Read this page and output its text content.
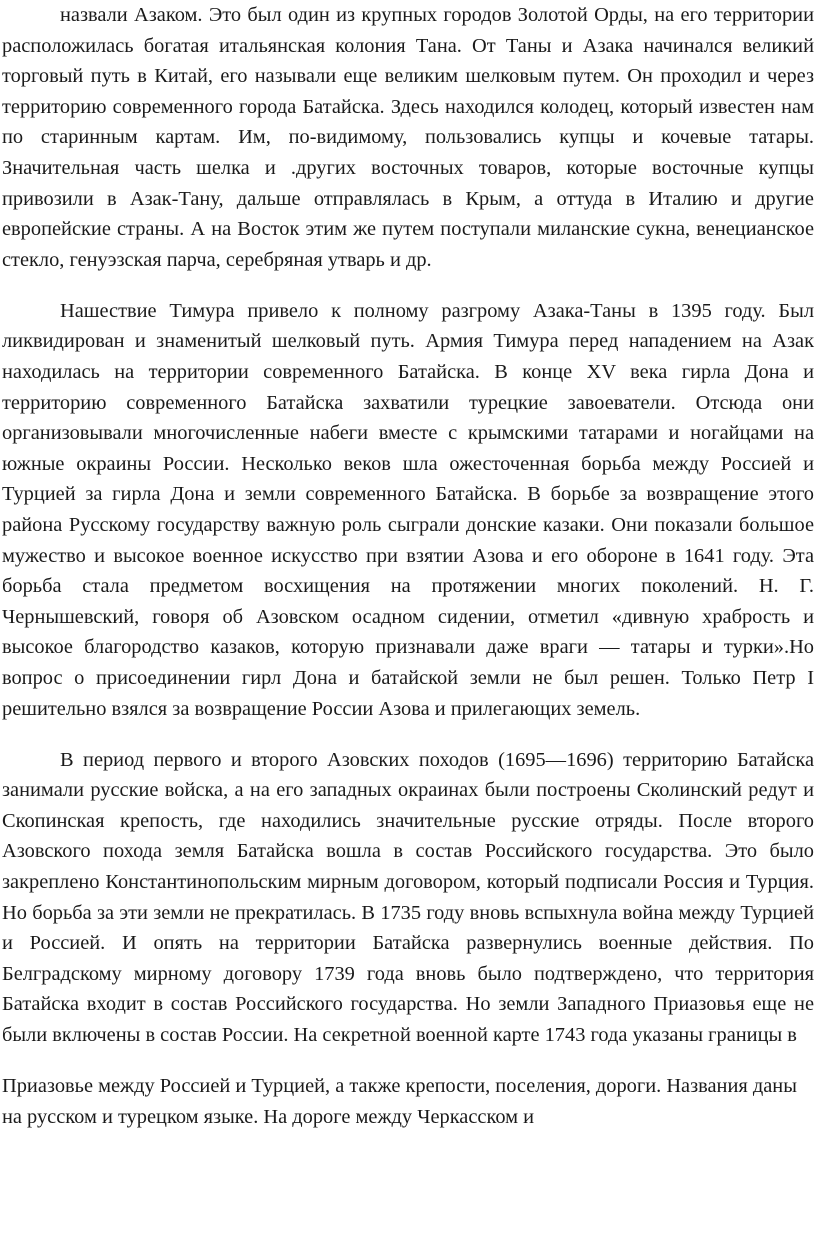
назвали Азаком. Это был один из крупных городов Золотой Орды, на его территории расположилась богатая итальянская колония Тана. От Таны и Азака начинался великий торговый путь в Китай, его называли еще великим шелковым путем. Он проходил и через территорию современного города Батайска. Здесь находился колодец, который известен нам по старинным картам. Им, по-видимому, пользовались купцы и кочевые татары. Значительная часть шелка и .других восточных товаров, которые восточные купцы привозили в Азак-Тану, дальше отправлялась в Крым, а оттуда в Италию и другие европейские страны. А на Восток этим же путем поступали миланские сукна, венецианское стекло, генуэзская парча, серебряная утварь и др.

Нашествие Тимура привело к полному разгрому Азака-Таны в 1395 году. Был ликвидирован и знаменитый шелковый путь. Армия Тимура перед нападением на Азак находилась на территории современного Батайска. В конце XV века гирла Дона и территорию современного Батайска захватили турецкие завоеватели. Отсюда они организовывали многочисленные набеги вместе с крымскими татарами и ногайцами на южные окраины России. Несколько веков шла ожесточенная борьба между Россией и Турцией за гирла Дона и земли современного Батайска. В борьбе за возвращение этого района Русскому государству важную роль сыграли донские казаки. Они показали большое мужество и высокое военное искусство при взятии Азова и его обороне в 1641 году. Эта борьба стала предметом восхищения на протяжении многих поколений. Н. Г. Чернышевский, говоря об Азовском осадном сидении, отметил «дивную храбрость и высокое благородство казаков, которую признавали даже враги — татары и турки».Но вопрос о присоединении гирл Дона и батайской земли не был решен. Только Петр I решительно взялся за возвращение России Азова и прилегающих земель.

В период первого и второго Азовских походов (1695—1696) территорию Батайска занимали русские войска, а на его западных окраинах были построены Сколинский редут и Скопинская крепость, где находились значительные русские отряды. После второго Азовского похода земля Батайска вошла в состав Российского государства. Это было закреплено Константинопольским мирным договором, который подписали Россия и Турция. Но борьба за эти земли не прекратилась. В 1735 году вновь вспыхнула война между Турцией и Россией. И опять на территории Батайска развернулись военные действия. По Белградскому мирному договору 1739 года вновь было подтверждено, что территория Батайска входит в состав Российского государства. Но земли Западного Приазовья еще не были включены в состав России. На секретной военной карте 1743 года указаны границы в

Приазовье между Россией и Турцией, а также крепости, поселения, дороги. Названия даны на русском и турецком языке. На дороге между Черкасском и
